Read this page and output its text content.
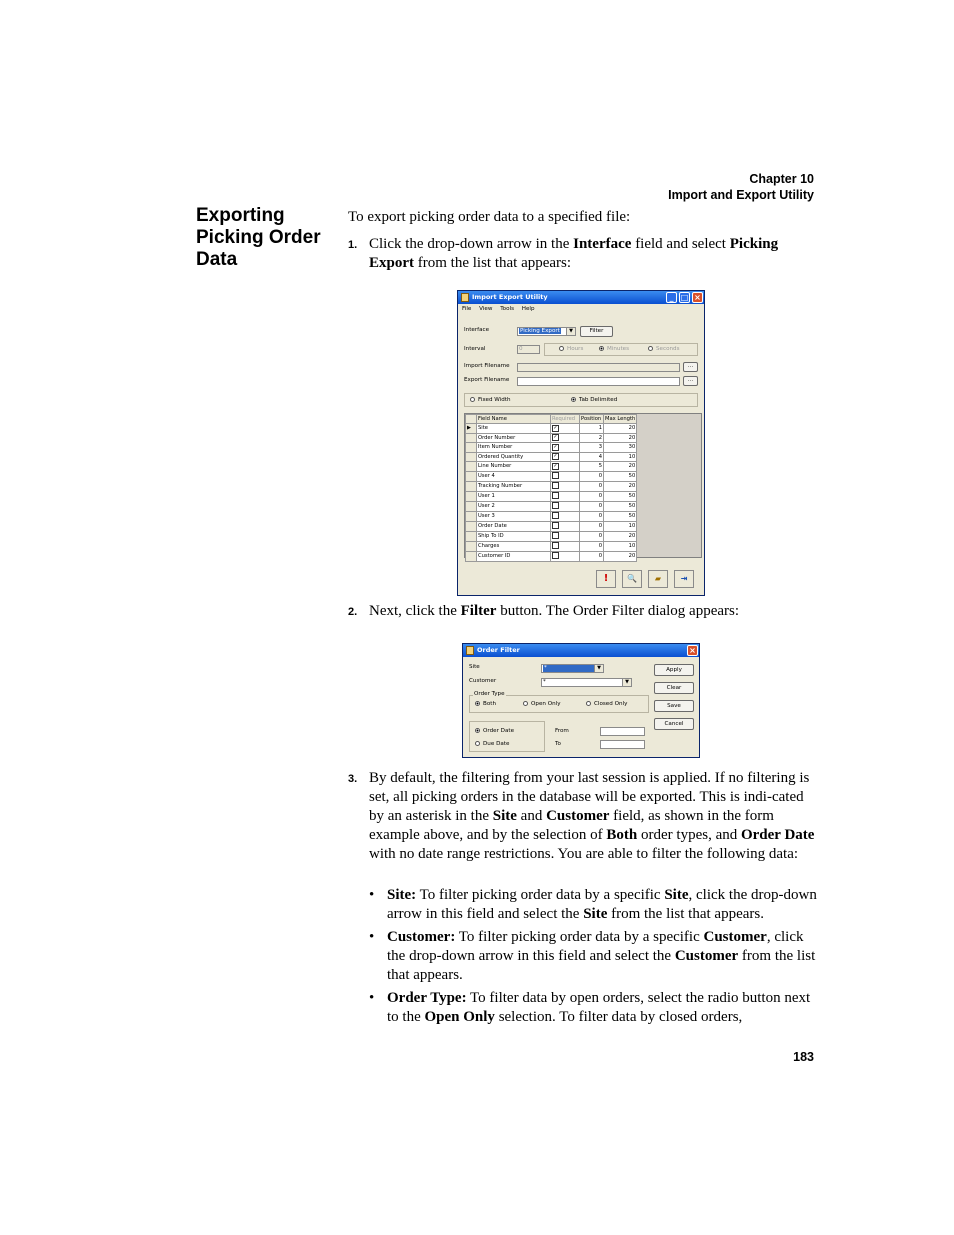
Chapter 10
Import and Export Utility
Exporting Picking Order Data
To export picking order data to a specified file:
1. Click the drop-down arrow in the Interface field and select Picking Export from the list that appears:
Import Export Utility	_ □ ×
File View Tools Help
Interface	Picking Export	▼	Filter
Interval	0	Hours	Minutes	Seconds
Import Filename	...
Export Filename	...
Fixed Width	Tab Delimited
	Field Name	Required	Position	Max Length
▶	Site	✓	1	20
	Order Number	✓	2	20
	Item Number	✓	3	30
	Ordered Quantity	✓	4	10
	Line Number	✓	5	20
	User 4		0	50
	Tracking Number		0	20
	User 1		0	50
	User 2		0	50
	User 3		0	50
	Order Date		0	10
	Ship To ID		0	20
	Charges		0	10
	Customer ID		0	20
!	🔍	▰	⇥
2. Next, click the Filter button. The Order Filter dialog appears:
Order Filter	×
Site	*	▼
Customer	*	▼
Order Type
Both	Open Only	Closed Only
Order Date
Due Date
From
To
Apply
Clear
Save
Cancel
3. By default, the filtering from your last session is applied. If no filtering is set, all picking orders in the database will be exported. This is indi-cated by an asterisk in the Site and Customer field, as shown in the form example above, and by the selection of Both order types, and Order Date with no date range restrictions. You are able to filter the following data:
• Site: To filter picking order data by a specific Site, click the drop-down arrow in this field and select the Site from the list that appears.
• Customer: To filter picking order data by a specific Customer, click the drop-down arrow in this field and select the Customer from the list that appears.
• Order Type: To filter data by open orders, select the radio button next to the Open Only selection. To filter data by closed orders,
183
